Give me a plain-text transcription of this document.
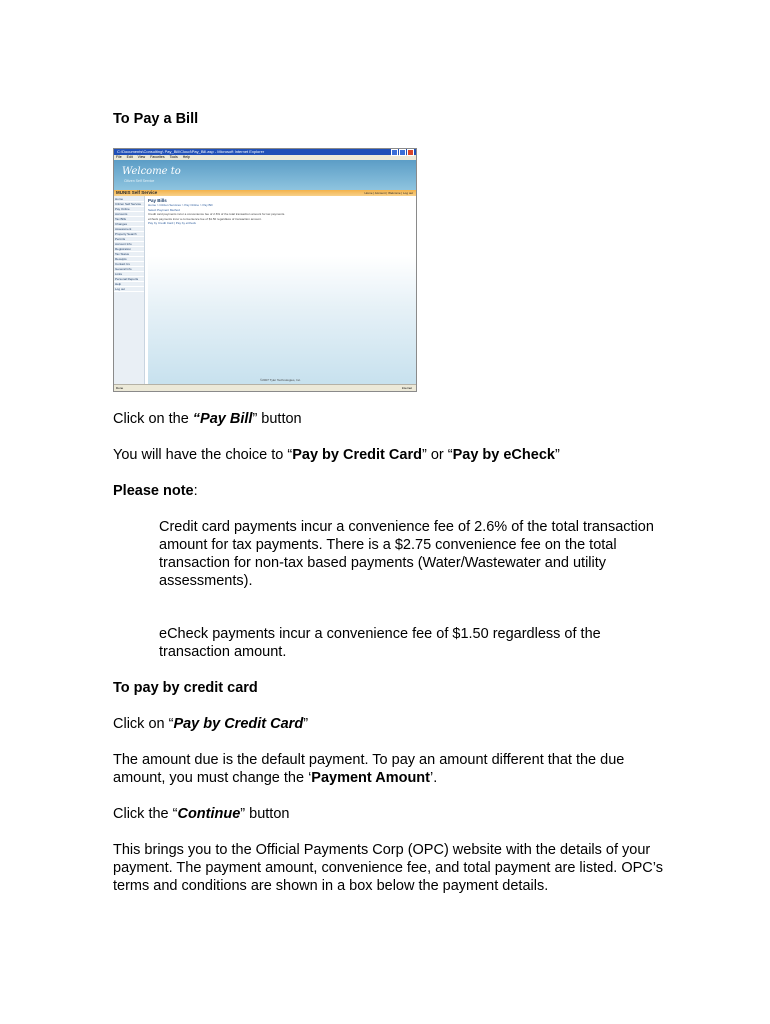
To Pay a Bill

C:\Documents\Consulting\ Pay_Bill\Cloud\Pay_Bill.asp - Microsoft Internet Explorer
File Edit View Favorites Tools Help
Welcome to
Citizen Self Service
MUNIS Self Service	Home | Account | Welcome | Log out
Home
Citizen Self Service
Pay Online
Accounts
Tax Bills
Changes
Assessment
Property Search
Permits
Account Info
Registration
Tax Status
Receipts
Contact Us
General Info
Links
Personal Reports
Help
Log out
Pay Bills
Home > Citizen Services > Pay Online > Pay Bill
Select Payment Method
Credit card payments incur a convenience fee of 2.6% of the total transaction amount for tax payments.
eCheck payments incur a convenience fee of $1.50 regardless of transaction amount.
Pay by Credit Card | Pay by eCheck
©2007 Tyler Technologies, Inc.
Done	Internet

Click on the “Pay Bill” button

You will have the choice to “Pay by Credit Card” or “Pay by eCheck”

Please note:

Credit card payments incur a convenience fee of 2.6% of the total transaction amount for tax payments. There is a $2.75 convenience fee on the total transaction for non-tax based payments (Water/Wastewater and utility assessments).

eCheck payments incur a convenience fee of $1.50 regardless of the transaction amount.

To pay by credit card

Click on “Pay by Credit Card”

The amount due is the default payment. To pay an amount different that the due amount, you must change the ‘Payment Amount’.

Click the “Continue” button

This brings you to the Official Payments Corp (OPC) website with the details of your payment. The payment amount, convenience fee, and total payment are listed. OPC’s terms and conditions are shown in a box below the payment details.
